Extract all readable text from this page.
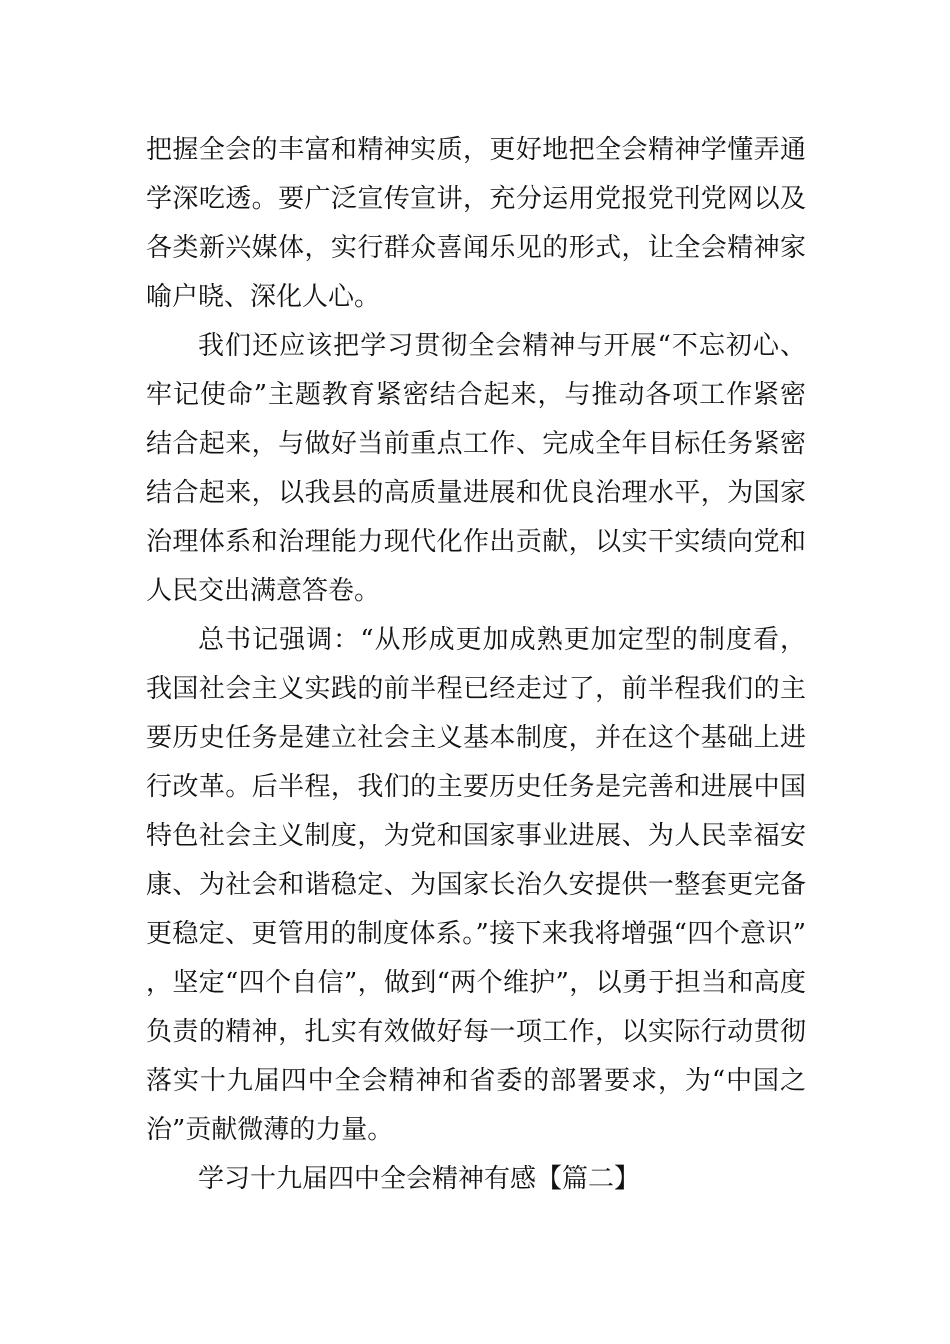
把握全会的丰富和精神实质，更好地把全会精神学懂弄通学深吃透。要广泛宣传宣讲，充分运用党报党刊党网以及各类新兴媒体，实行群众喜闻乐见的形式，让全会精神家喻户晓、深化人心。

我们还应该把学习贯彻全会精神与开展“不忘初心、牢记使命”主题教育紧密结合起来，与推动各项工作紧密结合起来，与做好当前重点工作、完成全年目标任务紧密结合起来，以我县的高质量进展和优良治理水平，为国家治理体系和治理能力现代化作出贡献，以实干实绩向党和人民交出满意答卷。

总书记强调：“从形成更加成熟更加定型的制度看，我国社会主义实践的前半程已经走过了，前半程我们的主要历史任务是建立社会主义基本制度，并在这个基础上进行改革。后半程，我们的主要历史任务是完善和进展中国特色社会主义制度，为党和国家事业进展、为人民幸福安康、为社会和谐稳定、为国家长治久安提供一整套更完备更稳定、更管用的制度体系。”接下来我将增强“四个意识”，坚定“四个自信”，做到“两个维护”，以勇于担当和高度负责的精神，扎实有效做好每一项工作，以实际行动贯彻落实十九届四中全会精神和省委的部署要求，为“中国之治”贡献微薄的力量。

学习十九届四中全会精神有感【篇二】
